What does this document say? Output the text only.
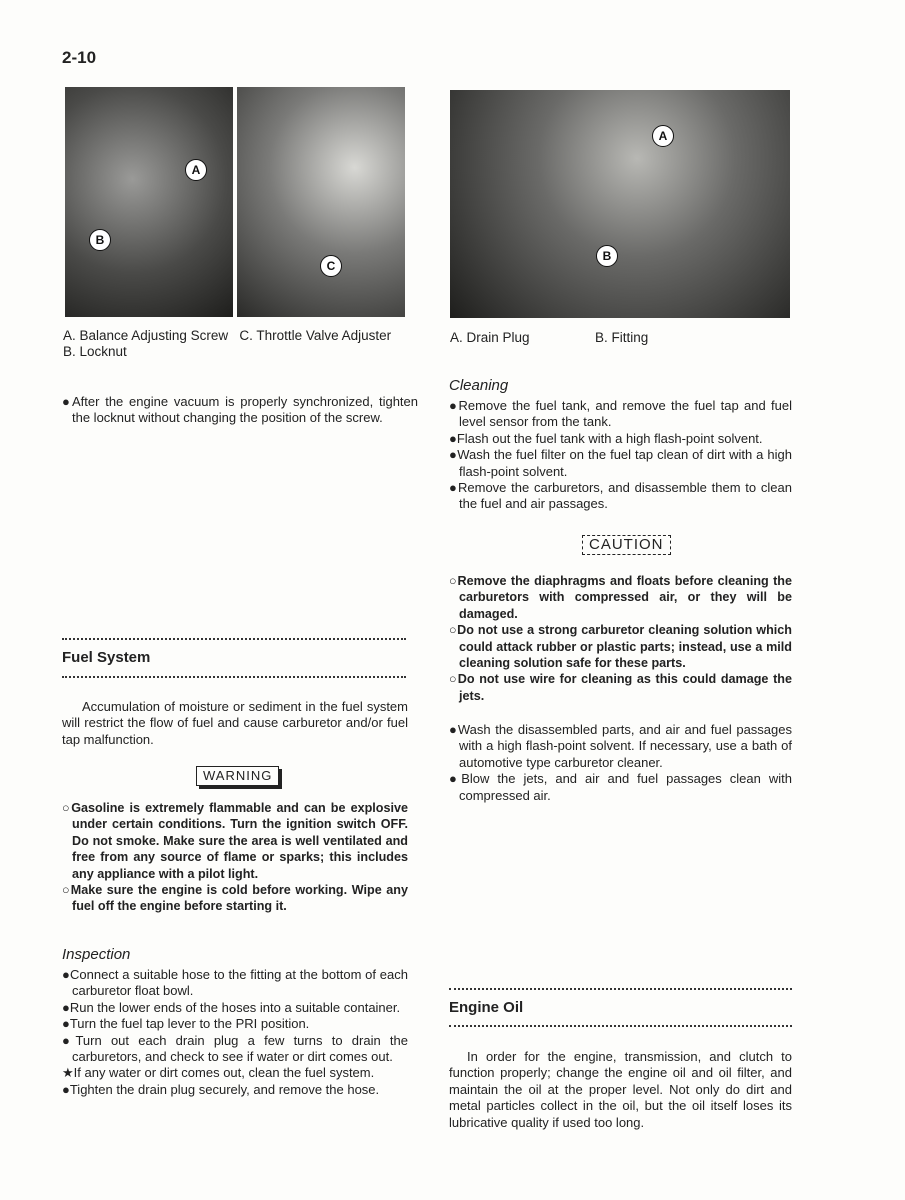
2-10
A
B
C
A. Balance Adjusting Screw C. Throttle Valve Adjuster
B. Locknut

●After the engine vacuum is properly synchronized, tighten the locknut without changing the position of the screw.

Fuel System

Accumulation of moisture or sediment in the fuel system will restrict the flow of fuel and cause carburetor and/or fuel tap malfunction.

WARNING

○Gasoline is extremely flammable and can be explosive under certain conditions. Turn the ignition switch OFF. Do not smoke. Make sure the area is well ventilated and free from any source of flame or sparks; this includes any appliance with a pilot light.

○Make sure the engine is cold before working. Wipe any fuel off the engine before starting it.

Inspection

●Connect a suitable hose to the fitting at the bottom of each carburetor float bowl.

●Run the lower ends of the hoses into a suitable container.

●Turn the fuel tap lever to the PRI position.

●Turn out each drain plug a few turns to drain the carburetors, and check to see if water or dirt comes out.

★If any water or dirt comes out, clean the fuel system.

●Tighten the drain plug securely, and remove the hose.

A
B
A. Drain Plug	B. Fitting
Cleaning

●Remove the fuel tank, and remove the fuel tap and fuel level sensor from the tank.

●Flash out the fuel tank with a high flash-point solvent.

●Wash the fuel filter on the fuel tap clean of dirt with a high flash-point solvent.

●Remove the carburetors, and disassemble them to clean the fuel and air passages.

CAUTION

○Remove the diaphragms and floats before cleaning the carburetors with compressed air, or they will be damaged.

○Do not use a strong carburetor cleaning solution which could attack rubber or plastic parts; instead, use a mild cleaning solution safe for these parts.

○Do not use wire for cleaning as this could damage the jets.

●Wash the disassembled parts, and air and fuel passages with a high flash-point solvent. If necessary, use a bath of automotive type carburetor cleaner.

●Blow the jets, and air and fuel passages clean with compressed air.

Engine Oil

In order for the engine, transmission, and clutch to function properly; change the engine oil and oil filter, and maintain the oil at the proper level. Not only do dirt and metal particles collect in the oil, but the oil itself loses its lubricative quality if used too long.
